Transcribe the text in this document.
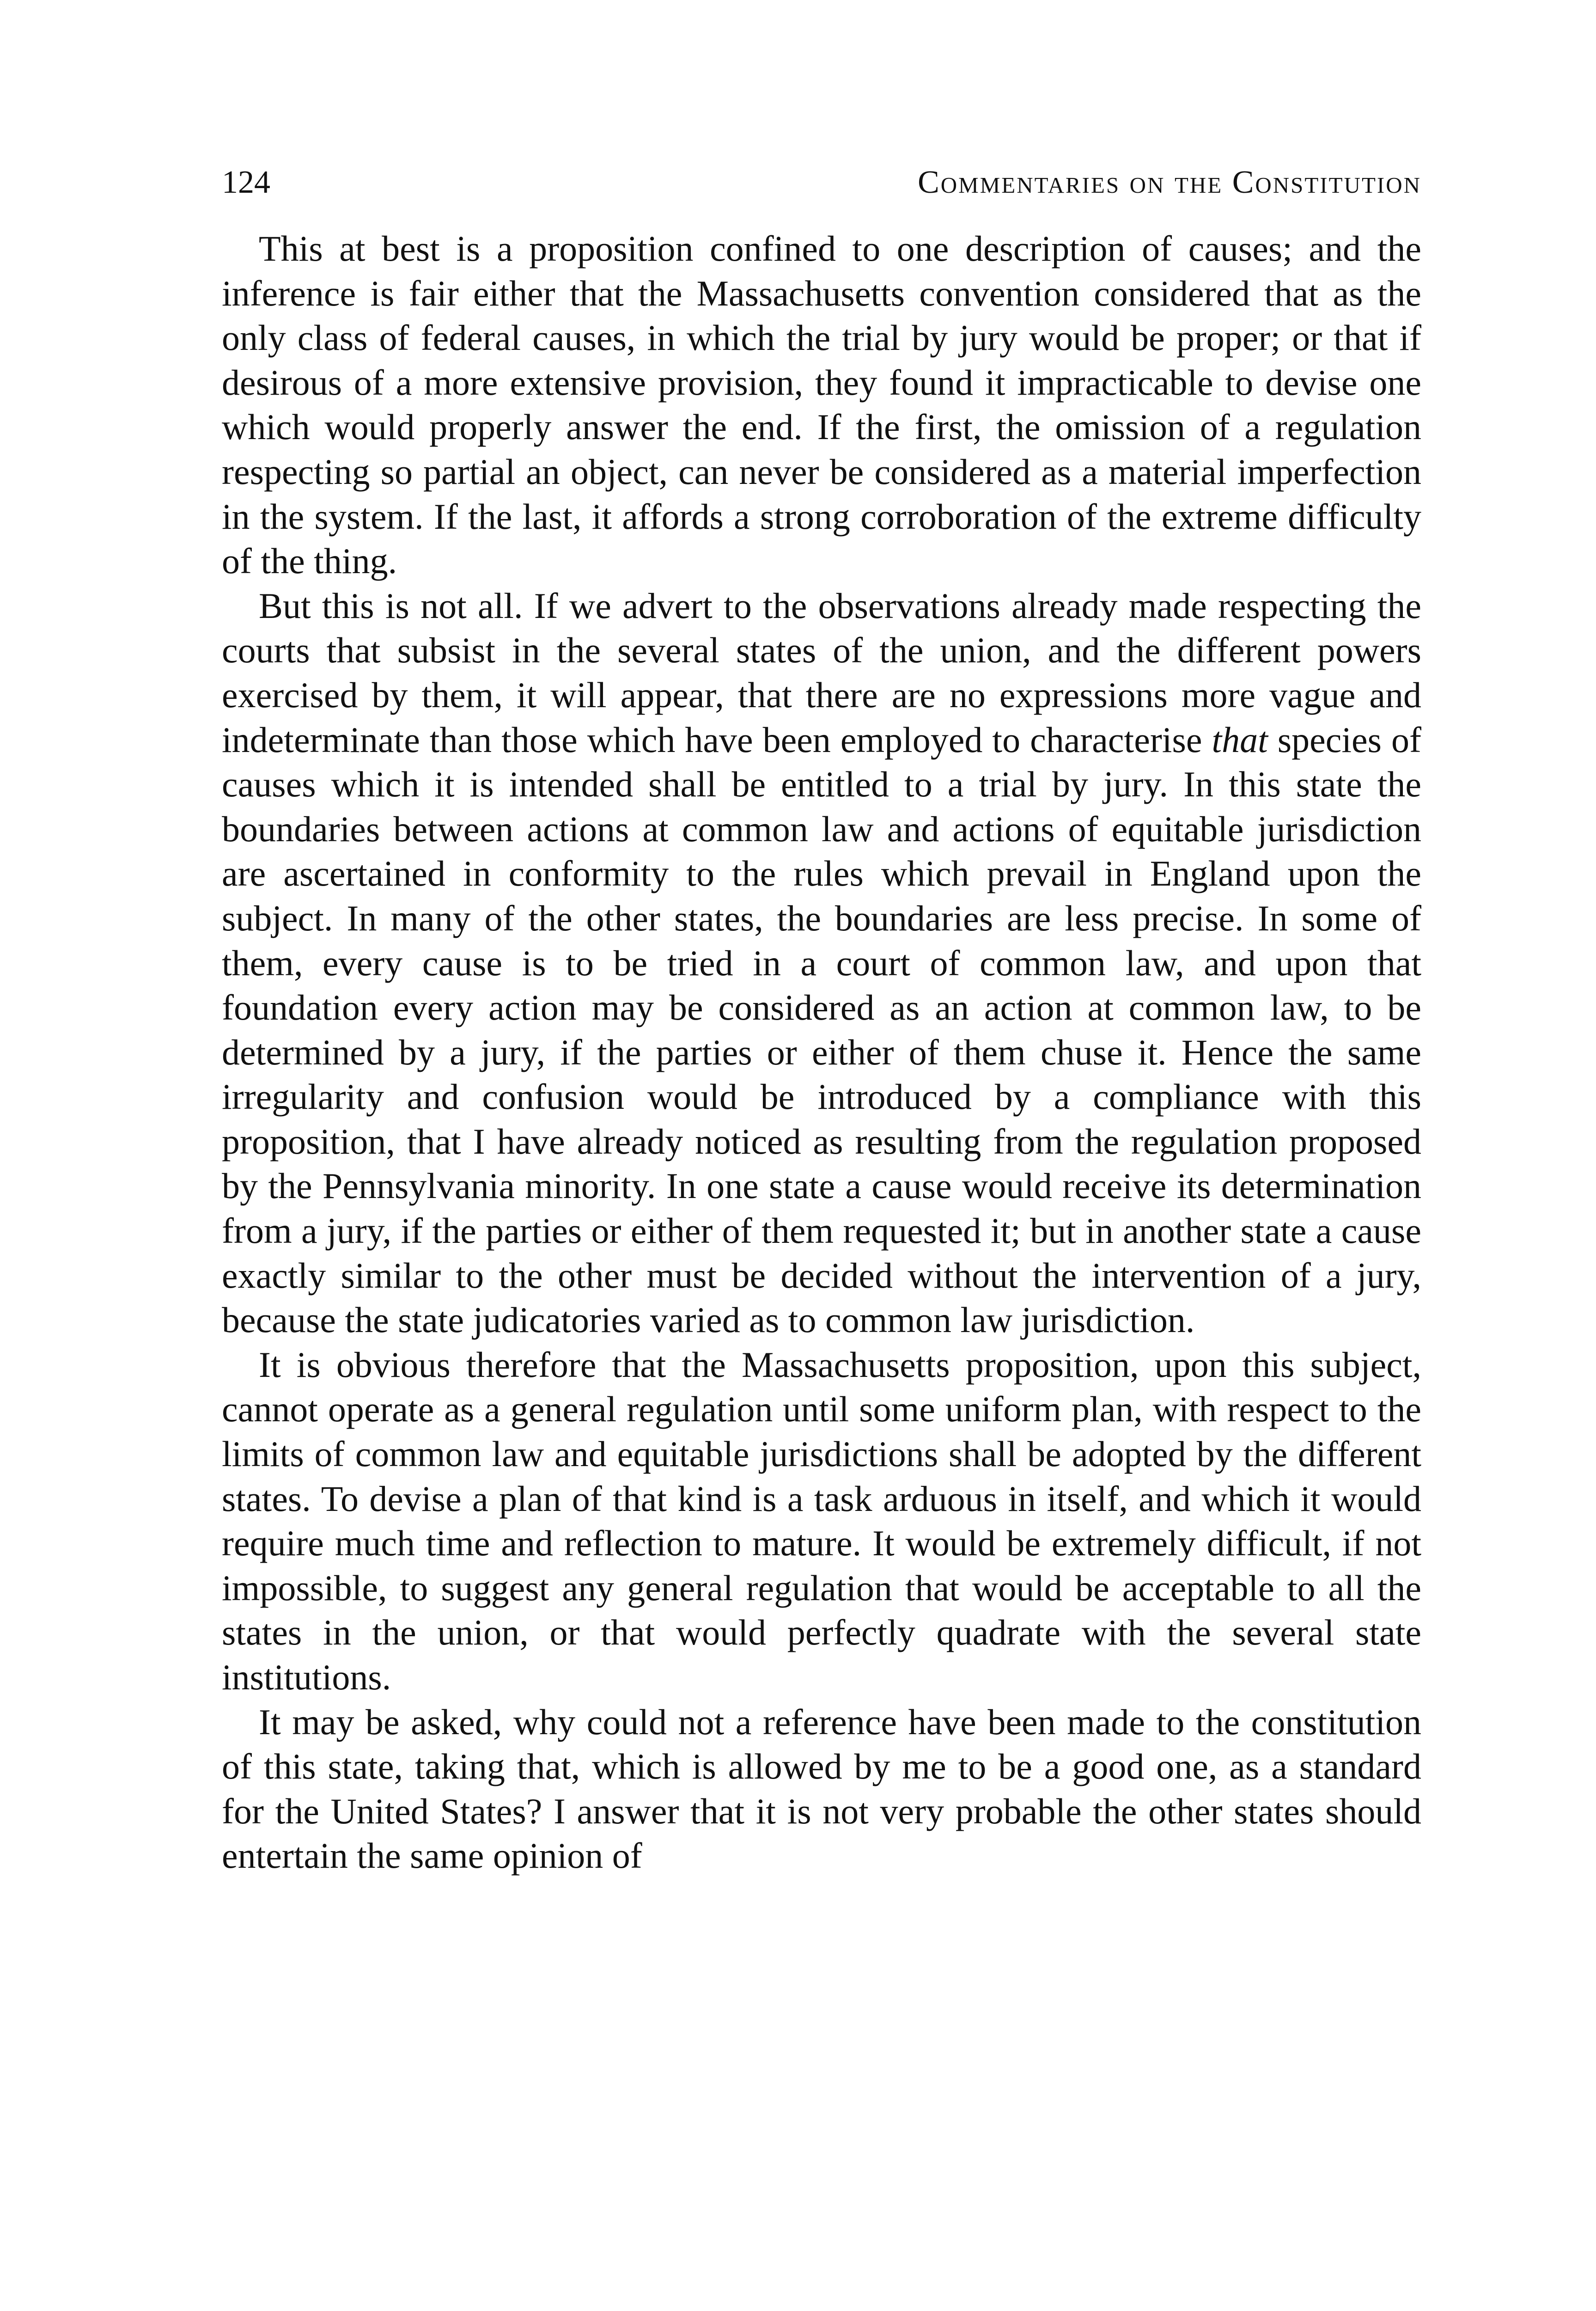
124	Commentaries on the Constitution

This at best is a proposition confined to one description of causes; and the inference is fair either that the Massachusetts convention considered that as the only class of federal causes, in which the trial by jury would be proper; or that if desirous of a more extensive provision, they found it impracticable to devise one which would properly answer the end. If the first, the omission of a regulation respecting so partial an object, can never be considered as a material imperfection in the system. If the last, it affords a strong corroboration of the extreme difficulty of the thing.

But this is not all. If we advert to the observations already made respecting the courts that subsist in the several states of the union, and the different powers exercised by them, it will appear, that there are no expressions more vague and indeterminate than those which have been employed to characterise that species of causes which it is intended shall be entitled to a trial by jury. In this state the boundaries between actions at common law and actions of equitable jurisdiction are ascertained in conformity to the rules which prevail in England upon the subject. In many of the other states, the boundaries are less precise. In some of them, every cause is to be tried in a court of common law, and upon that foundation every action may be considered as an action at common law, to be determined by a jury, if the parties or either of them chuse it. Hence the same irregularity and confusion would be introduced by a compliance with this proposition, that I have already noticed as resulting from the regulation proposed by the Pennsylvania minority. In one state a cause would receive its determination from a jury, if the parties or either of them requested it; but in another state a cause exactly similar to the other must be decided without the intervention of a jury, because the state judicatories varied as to common law jurisdiction.

It is obvious therefore that the Massachusetts proposition, upon this subject, cannot operate as a general regulation until some uniform plan, with respect to the limits of common law and equitable jurisdictions shall be adopted by the different states. To devise a plan of that kind is a task arduous in itself, and which it would require much time and reflection to mature. It would be extremely difficult, if not impossible, to suggest any general regulation that would be acceptable to all the states in the union, or that would perfectly quadrate with the several state institutions.

It may be asked, why could not a reference have been made to the constitution of this state, taking that, which is allowed by me to be a good one, as a standard for the United States? I answer that it is not very probable the other states should entertain the same opinion of
